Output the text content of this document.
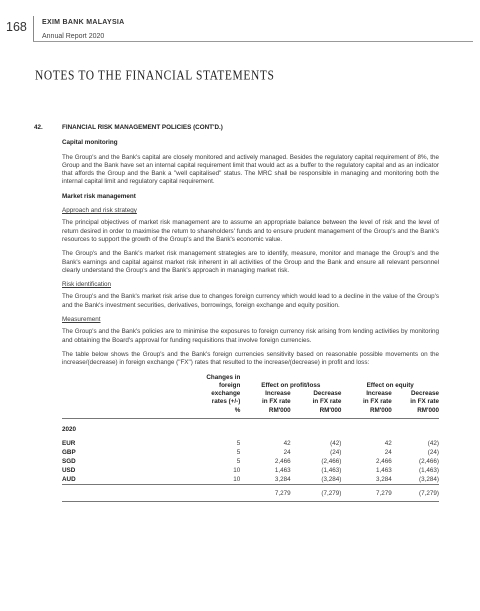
168 EXIM BANK MALAYSIA
Annual Report 2020
NOTES TO THE FINANCIAL STATEMENTS
42.	FINANCIAL RISK MANAGEMENT POLICIES (CONT'D.)
Capital monitoring

The Group's and the Bank's capital are closely monitored and actively managed. Besides the regulatory capital requirement of 8%, the Group and the Bank have set an internal capital requirement limit that would act as a buffer to the regulatory capital and as an indicator that affords the Group and the Bank a "well capitalised" status. The MRC shall be responsible in managing and monitoring both the internal capital limit and regulatory capital requirement.

Market risk management
Approach and risk strategy

The principal objectives of market risk management are to assume an appropriate balance between the level of risk and the level of return desired in order to maximise the return to shareholders' funds and to ensure prudent management of the Group's and the Bank's resources to support the growth of the Group's and the Bank's economic value.

The Group's and the Bank's market risk management strategies are to identify, measure, monitor and manage the Group's and the Bank's earnings and capital against market risk inherent in all activities of the Group and the Bank and ensure all relevant personnel clearly understand the Group's and the Bank's approach in managing market risk.

Risk identification

The Group's and the Bank's market risk arise due to changes foreign currency which would lead to a decline in the value of the Group's and the Bank's investment securities, derivatives, borrowings, foreign exchange and equity position.

Measurement

The Group's and the Bank's policies are to minimise the exposures to foreign currency risk arising from lending activities by monitoring and obtaining the Board's approval for funding requisitions that involve foreign currencies.

The table below shows the Group's and the Bank's foreign currencies sensitivity based on reasonable possible movements on the increase/(decrease) in foreign exchange ("FX") rates that resulted to the increase/(decrease) in profit and loss:

	Changes in				
	foreign	Effect on profit/loss		Effect on equity	
	exchange	Increase	Decrease	Increase	Decrease
	rates (+/-)	in FX rate	in FX rate	in FX rate	in FX rate
	%	RM'000	RM'000	RM'000	RM'000

2020					

EUR	5	42	(42)	42	(42)
GBP	5	24	(24)	24	(24)
SGD	5	2,466	(2,466)	2,466	(2,466)
USD	10	1,463	(1,463)	1,463	(1,463)
AUD	10	3,284	(3,284)	3,284	(3,284)
		7,279	(7,279)	7,279	(7,279)
